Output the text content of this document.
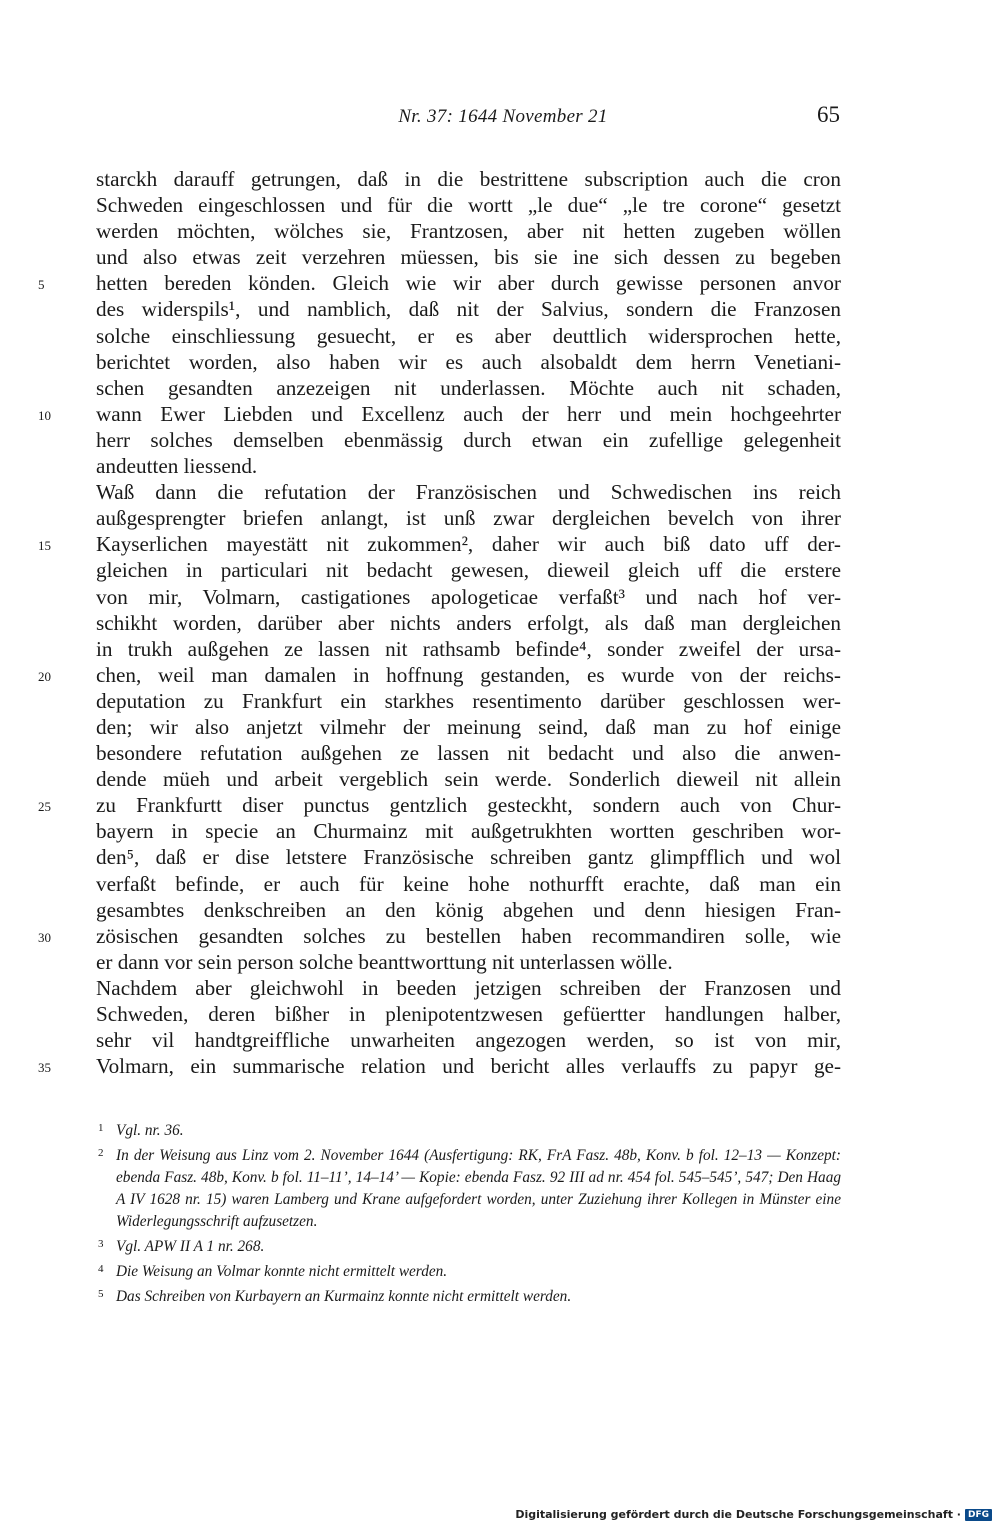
Nr. 37: 1644 November 21	65
starckh darauff getrungen, daß in die bestrittene subscription auch die cron
Schweden eingeschlossen und für die wortt „le due“ „le tre corone“ gesetzt
werden möchten, wölches sie, Frantzosen, aber nit hetten zugeben wöllen
und also etwas zeit verzehren müessen, bis sie ine sich dessen zu begeben
5	hetten bereden könden. Gleich wie wir aber durch gewisse personen anvor
des widerspils¹, und namblich, daß nit der Salvius, sondern die Franzosen
solche einschliessung gesuecht, er es aber deuttlich widersprochen hette,
berichtet worden, also haben wir es auch alsobaldt dem herrn Venetiani-
schen gesandten anzezeigen nit underlassen. Möchte auch nit schaden,
10	wann Ewer Liebden und Excellenz auch der herr und mein hochgeehrter
herr solches demselben ebenmässig durch etwan ein zufellige gelegenheit
andeutten liessend.
Waß dann die refutation der Französischen und Schwedischen ins reich
außgesprengter briefen anlangt, ist unß zwar dergleichen bevelch von ihrer
15	Kayserlichen mayestätt nit zukommen², daher wir auch biß dato uff der-
gleichen in particulari nit bedacht gewesen, dieweil gleich uff die erstere
von mir, Volmarn, castigationes apologeticae verfaßt³ und nach hof ver-
schikht worden, darüber aber nichts anders erfolgt, als daß man dergleichen
in trukh außgehen ze lassen nit rathsamb befinde⁴, sonder zweifel der ursa-
20	chen, weil man damalen in hoffnung gestanden, es wurde von der reichs-
deputation zu Frankfurt ein starkhes resentimento darüber geschlossen wer-
den; wir also anjetzt vilmehr der meinung seind, daß man zu hof einige
besondere refutation außgehen ze lassen nit bedacht und also die anwen-
dende müeh und arbeit vergeblich sein werde. Sonderlich dieweil nit allein
25	zu Frankfurtt diser punctus gentzlich gesteckht, sondern auch von Chur-
bayern in specie an Churmainz mit außgetrukhten wortten geschriben wor-
den⁵, daß er dise letstere Französische schreiben gantz glimpfflich und wol
verfaßt befinde, er auch für keine hohe nothurfft erachte, daß man ein
gesambtes denkschreiben an den könig abgehen und denn hiesigen Fran-
30	zösischen gesandten solches zu bestellen haben recommandiren solle, wie
er dann vor sein person solche beanttworttung nit unterlassen wölle.
Nachdem aber gleichwohl in beeden jetzigen schreiben der Franzosen und
Schweden, deren bißher in plenipotentzwesen gefüertter handlungen halber,
sehr vil handtgreiffliche unwarheiten angezogen werden, so ist von mir,
35	Volmarn, ein summarische relation und bericht alles verlauffs zu papyr ge-
1 Vgl. nr. 36.
2 In der Weisung aus Linz vom 2. November 1644 (Ausfertigung: RK, FrA Fasz. 48b, Konv. b fol. 12–13 — Konzept: ebenda Fasz. 48b, Konv. b fol. 11–11’, 14–14’ — Kopie: ebenda Fasz. 92 III ad nr. 454 fol. 545–545’, 547; Den Haag A IV 1628 nr. 15) waren Lamberg und Krane aufgefordert worden, unter Zuziehung ihrer Kollegen in Münster eine Widerlegungsschrift aufzusetzen.
3 Vgl. APW II A 1 nr. 268.
4 Die Weisung an Volmar konnte nicht ermittelt werden.
5 Das Schreiben von Kurbayern an Kurmainz konnte nicht ermittelt werden.
Digitalisierung gefördert durch die Deutsche Forschungsgemeinschaft · DFG
